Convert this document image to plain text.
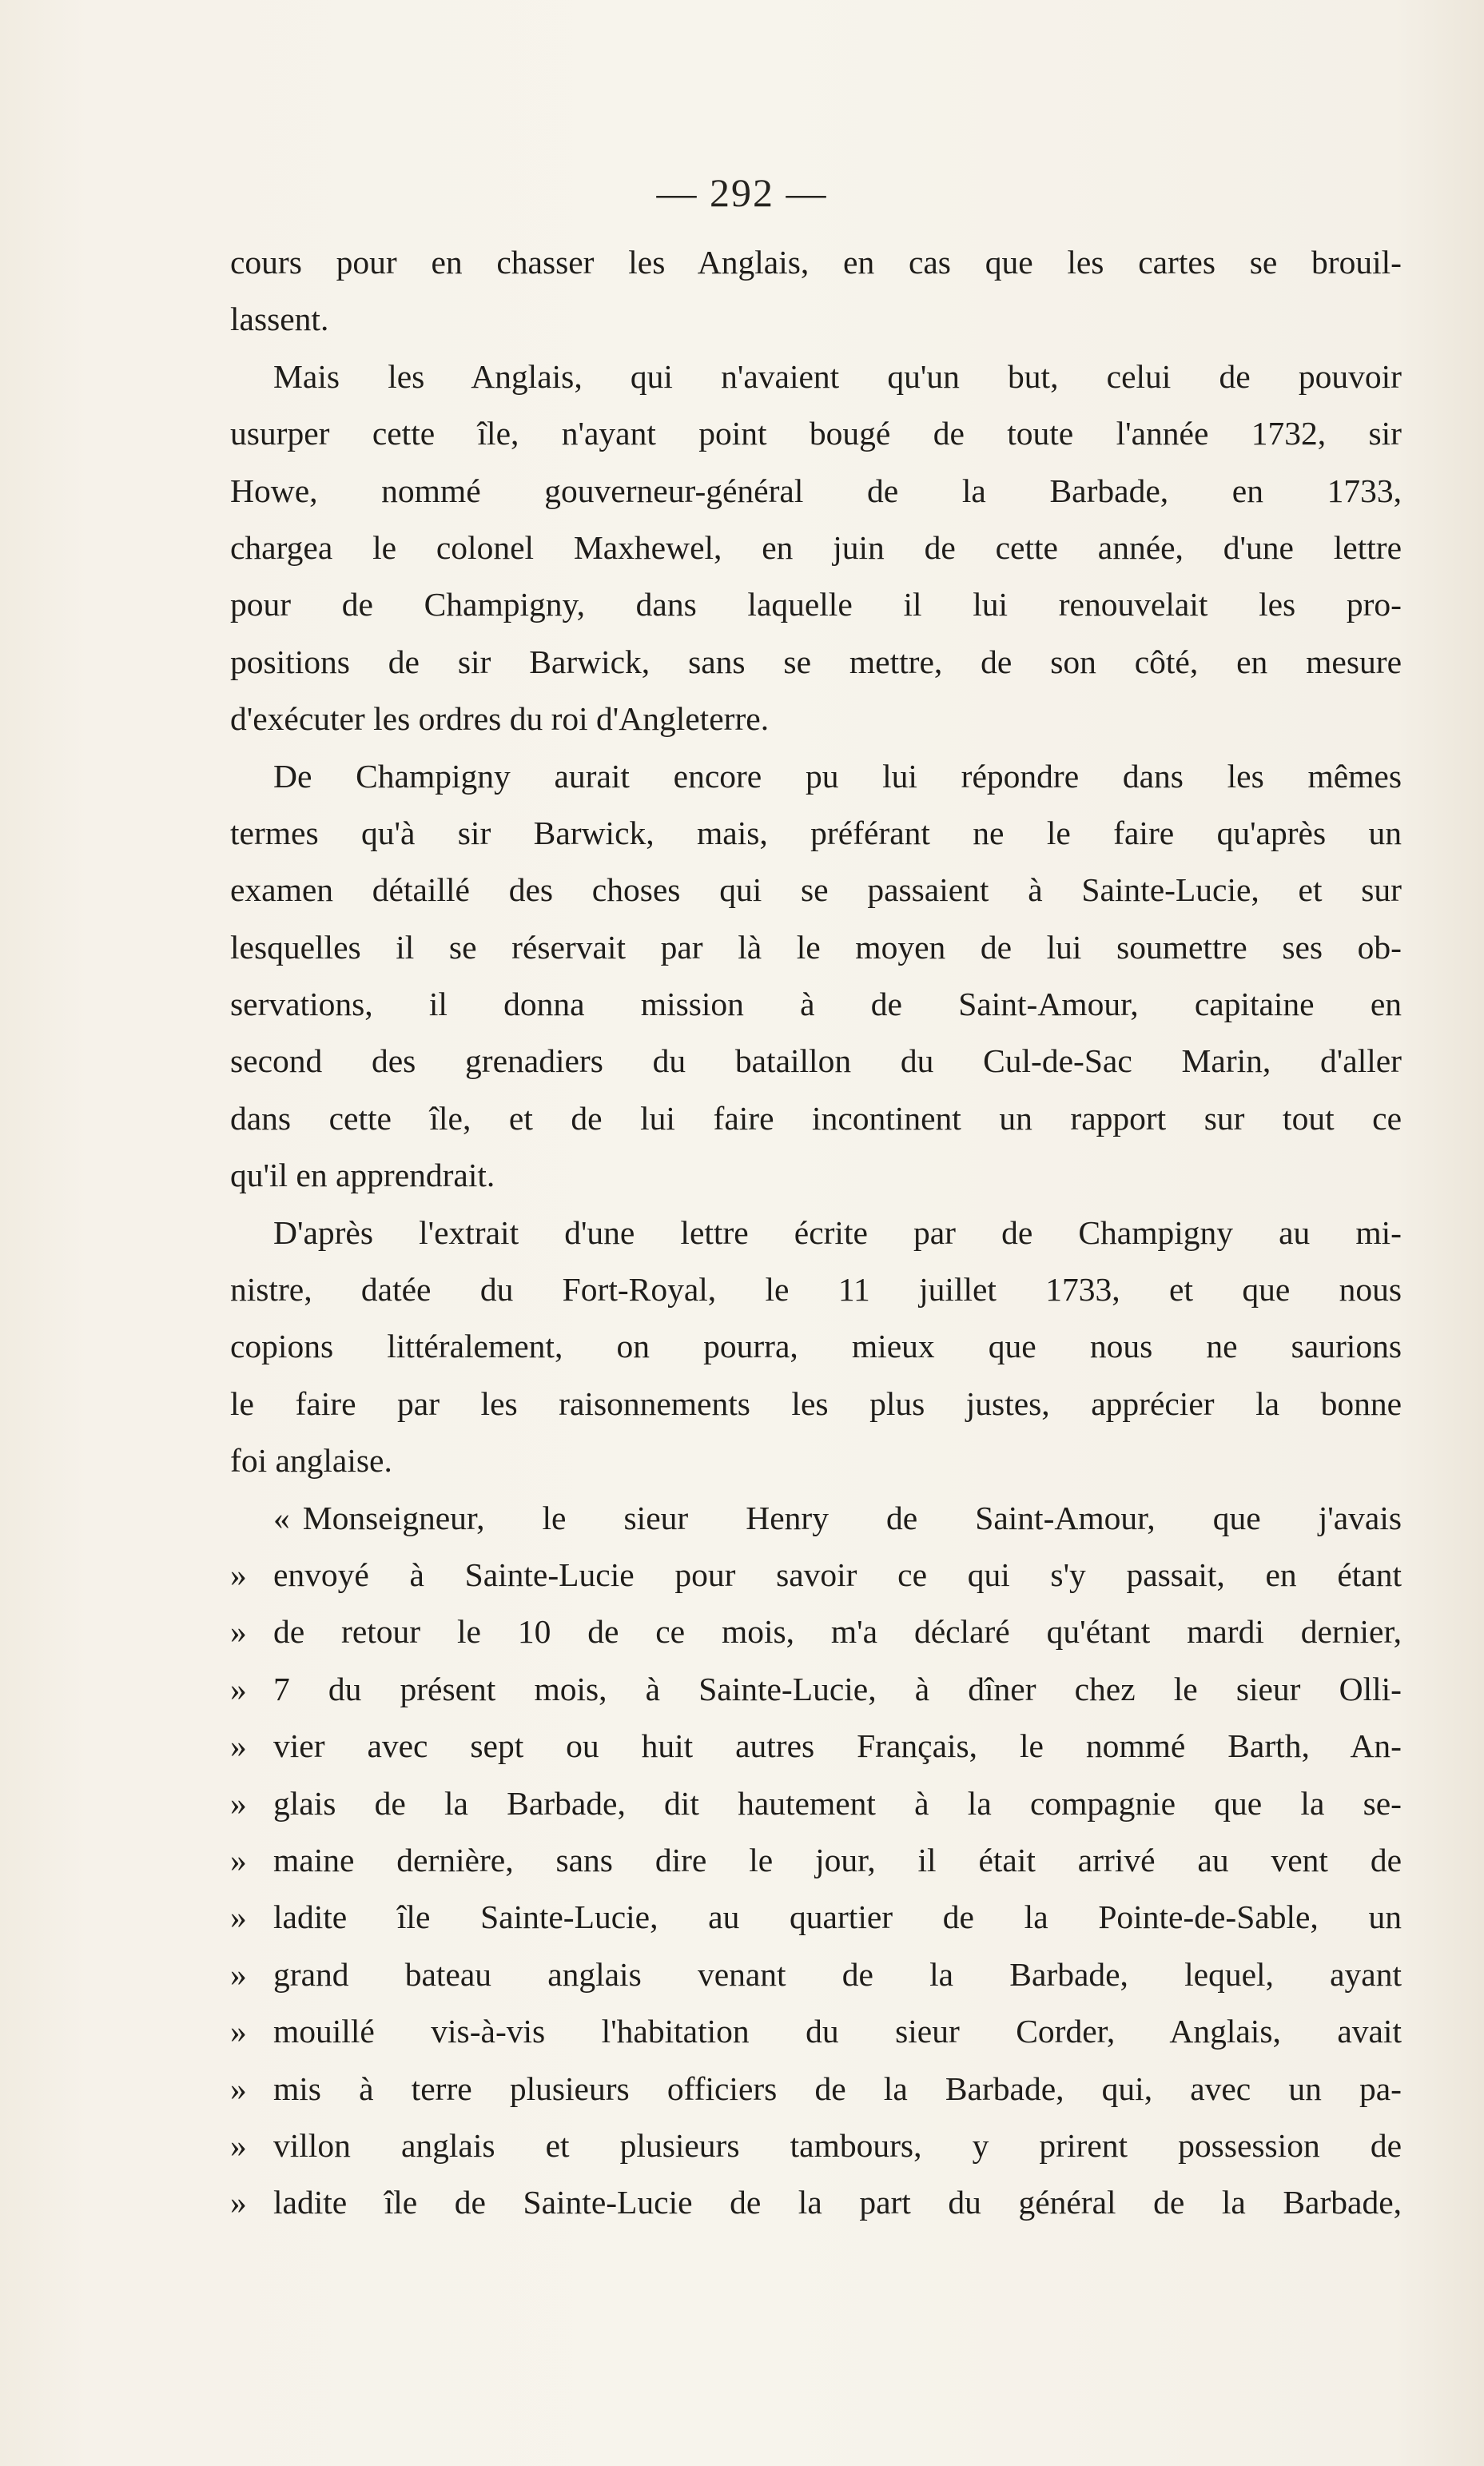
— 292 —
cours pour en chasser les Anglais, en cas que les cartes se brouil-
lassent.
Mais les Anglais, qui n'avaient qu'un but, celui de pouvoir
usurper cette île, n'ayant point bougé de toute l'année 1732, sir
Howe, nommé gouverneur-général de la Barbade, en 1733,
chargea le colonel Maxhewel, en juin de cette année, d'une lettre
pour de Champigny, dans laquelle il lui renouvelait les pro-
positions de sir Barwick, sans se mettre, de son côté, en mesure
d'exécuter les ordres du roi d'Angleterre.
De Champigny aurait encore pu lui répondre dans les mêmes
termes qu'à sir Barwick, mais, préférant ne le faire qu'après un
examen détaillé des choses qui se passaient à Sainte-Lucie, et sur
lesquelles il se réservait par là le moyen de lui soumettre ses ob-
servations, il donna mission à de Saint-Amour, capitaine en
second des grenadiers du bataillon du Cul-de-Sac Marin, d'aller
dans cette île, et de lui faire incontinent un rapport sur tout ce
qu'il en apprendrait.
D'après l'extrait d'une lettre écrite par de Champigny au mi-
nistre, datée du Fort-Royal, le 11 juillet 1733, et que nous
copions littéralement, on pourra, mieux que nous ne saurions
le faire par les raisonnements les plus justes, apprécier la bonne
foi anglaise.
« Monseigneur, le sieur Henry de Saint-Amour, que j'avais
» envoyé à Sainte-Lucie pour savoir ce qui s'y passait, en étant
» de retour le 10 de ce mois, m'a déclaré qu'étant mardi dernier,
» 7 du présent mois, à Sainte-Lucie, à dîner chez le sieur Olli-
» vier avec sept ou huit autres Français, le nommé Barth, An-
» glais de la Barbade, dit hautement à la compagnie que la se-
» maine dernière, sans dire le jour, il était arrivé au vent de
» ladite île Sainte-Lucie, au quartier de la Pointe-de-Sable, un
» grand bateau anglais venant de la Barbade, lequel, ayant
» mouillé vis-à-vis l'habitation du sieur Corder, Anglais, avait
» mis à terre plusieurs officiers de la Barbade, qui, avec un pa-
» villon anglais et plusieurs tambours, y prirent possession de
» ladite île de Sainte-Lucie de la part du général de la Barbade,
